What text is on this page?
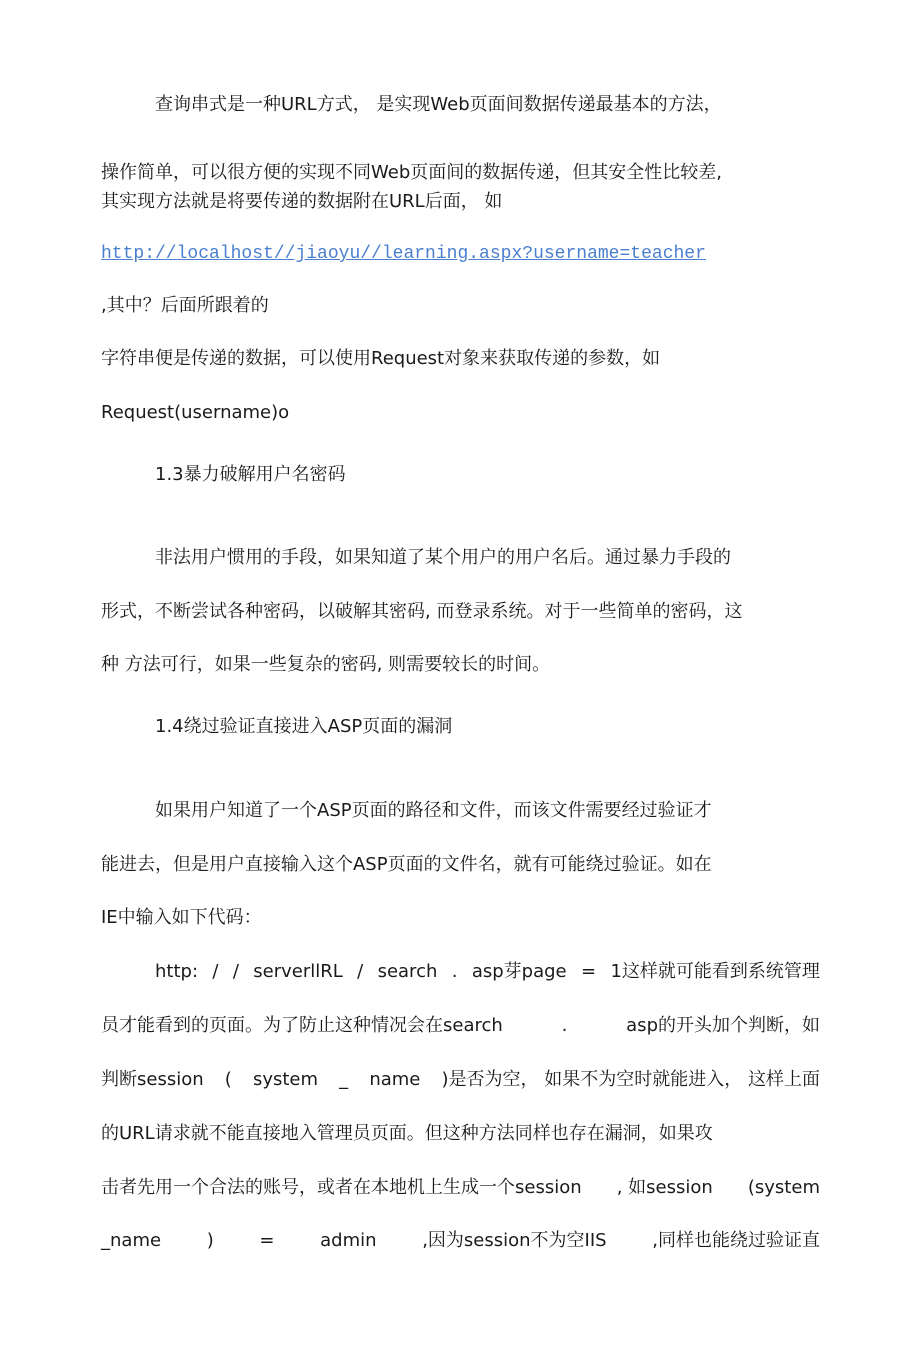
查询串式是一种URL方式， 是实现Web页面间数据传递最基本的方法，

操作简单，可以很方便的实现不同Web页面间的数据传递，但其安全性比较差,

其实现方法就是将要传递的数据附在URL后面， 如

http://localhost//jiaoyu//learning.aspx?username=teacher

,其中？后面所跟着的

字符串便是传递的数据，可以使用Request对象来获取传递的参数，如

Request(username)o

1.3暴力破解用户名密码

非法用户惯用的手段，如果知道了某个用户的用户名后。通过暴力手段的

形式，不断尝试各种密码，以破解其密码, 而登录系统。对于一些简单的密码，这

种 方法可行，如果一些复杂的密码, 则需要较长的时间。

1.4绕过验证直接进入ASP页面的漏洞

如果用户知道了一个ASP页面的路径和文件，而该文件需要经过验证才

能进去，但是用户直接输入这个ASP页面的文件名，就有可能绕过验证。如在

IE中输入如下代码：

http: / / serverllRL / search . asp芽page = 1这样就可能看到系统管理

员才能看到的页面。为了防止这种情况会在search	.	asp的开头加个判断，如

判断session ( system _ name )是否为空， 如果不为空时就能进入， 这样上面

的URL请求就不能直接地入管理员页面。但这种方法同样也存在漏洞，如果攻

击者先用一个合法的账号，或者在本地机上生成一个session , 如session (system

_name	)	=	admin	,因为session不为空IIS	,同样也能绕过验证直
